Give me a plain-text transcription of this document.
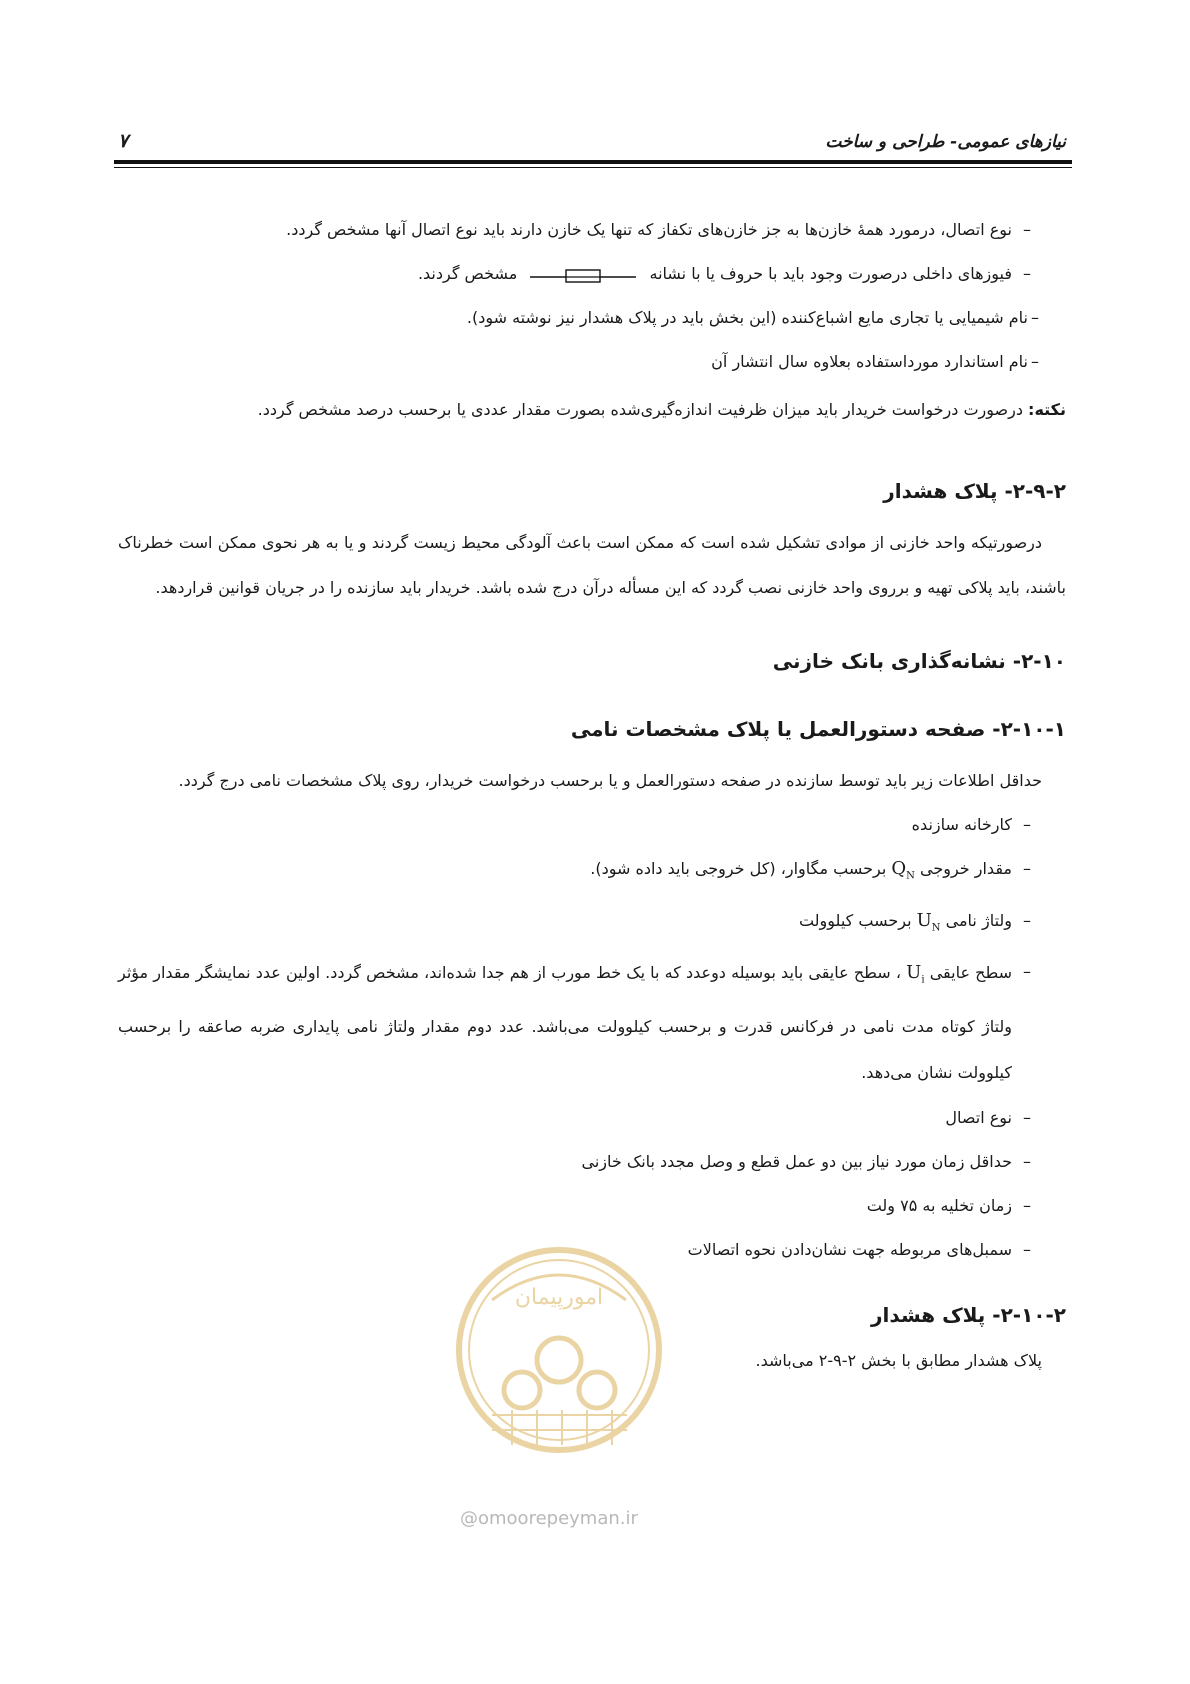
نیازهای عمومی- طراحی و ساخت
۷
–
نوع اتصال، درمورد همهٔ خازن‌ها به جز خازن‌های تکفاز که تنها یک خازن دارند باید نوع اتصال آنها مشخص گردد.
–
فیوزهای داخلی درصورت وجود باید با حروف یا با نشانه  مشخص گردند.
–
نام شیمیایی یا تجاری مایع اشباع‌کننده (این بخش باید در پلاک هشدار نیز نوشته شود).
–
نام استاندارد مورداستفاده بعلاوه سال انتشار آن
نکته: درصورت درخواست خریدار باید میزان ظرفیت اندازه‌گیری‌شده بصورت مقدار عددی یا برحسب درصد مشخص گردد.
۲-۹-۲- پلاک هشدار
درصورتیکه واحد خازنی از موادی تشکیل شده است که ممکن است باعث آلودگی محیط زیست گردند و یا به هر نحوی ممکن است خطرناک باشند، باید پلاکی تهیه و برروی واحد خازنی نصب گردد که این مسأله درآن درج شده باشد. خریدار باید سازنده را در جریان قوانین قراردهد.
۲-۱۰- نشانه‌گذاری بانک خازنی
۲-۱۰-۱- صفحه دستورالعمل یا پلاک مشخصات نامی
حداقل اطلاعات زیر باید توسط سازنده در صفحه دستورالعمل و یا برحسب درخواست خریدار، روی پلاک مشخصات نامی درج گردد.
–
کارخانه سازنده
–
مقدار خروجی $Q_N$ برحسب مگاوار، (کل خروجی باید داده شود).
–
ولتاژ نامی $U_N$ برحسب کیلوولت
–
سطح عایقی $U_i$ ، سطح عایقی باید بوسیله دوعدد که با یک خط مورب از هم جدا شده‌اند، مشخص گردد. اولین عدد نمایشگر مقدار مؤثر ولتاژ کوتاه مدت نامی در فرکانس قدرت و برحسب کیلوولت می‌باشد. عدد دوم مقدار ولتاژ نامی پایداری ضربه صاعقه را برحسب کیلوولت نشان می‌دهد.
–
نوع اتصال
–
حداقل زمان مورد نیاز بین دو عمل قطع و وصل مجدد بانک خازنی
–
زمان تخلیه به ۷۵ ولت
–
سمبل‌های مربوطه جهت نشان‌دادن نحوه اتصالات
۲-۱۰-۲- پلاک هشدار
پلاک هشدار مطابق با بخش ۲-۹-۲ می‌باشد.
امورپیمان
@omoorepeyman.ir
